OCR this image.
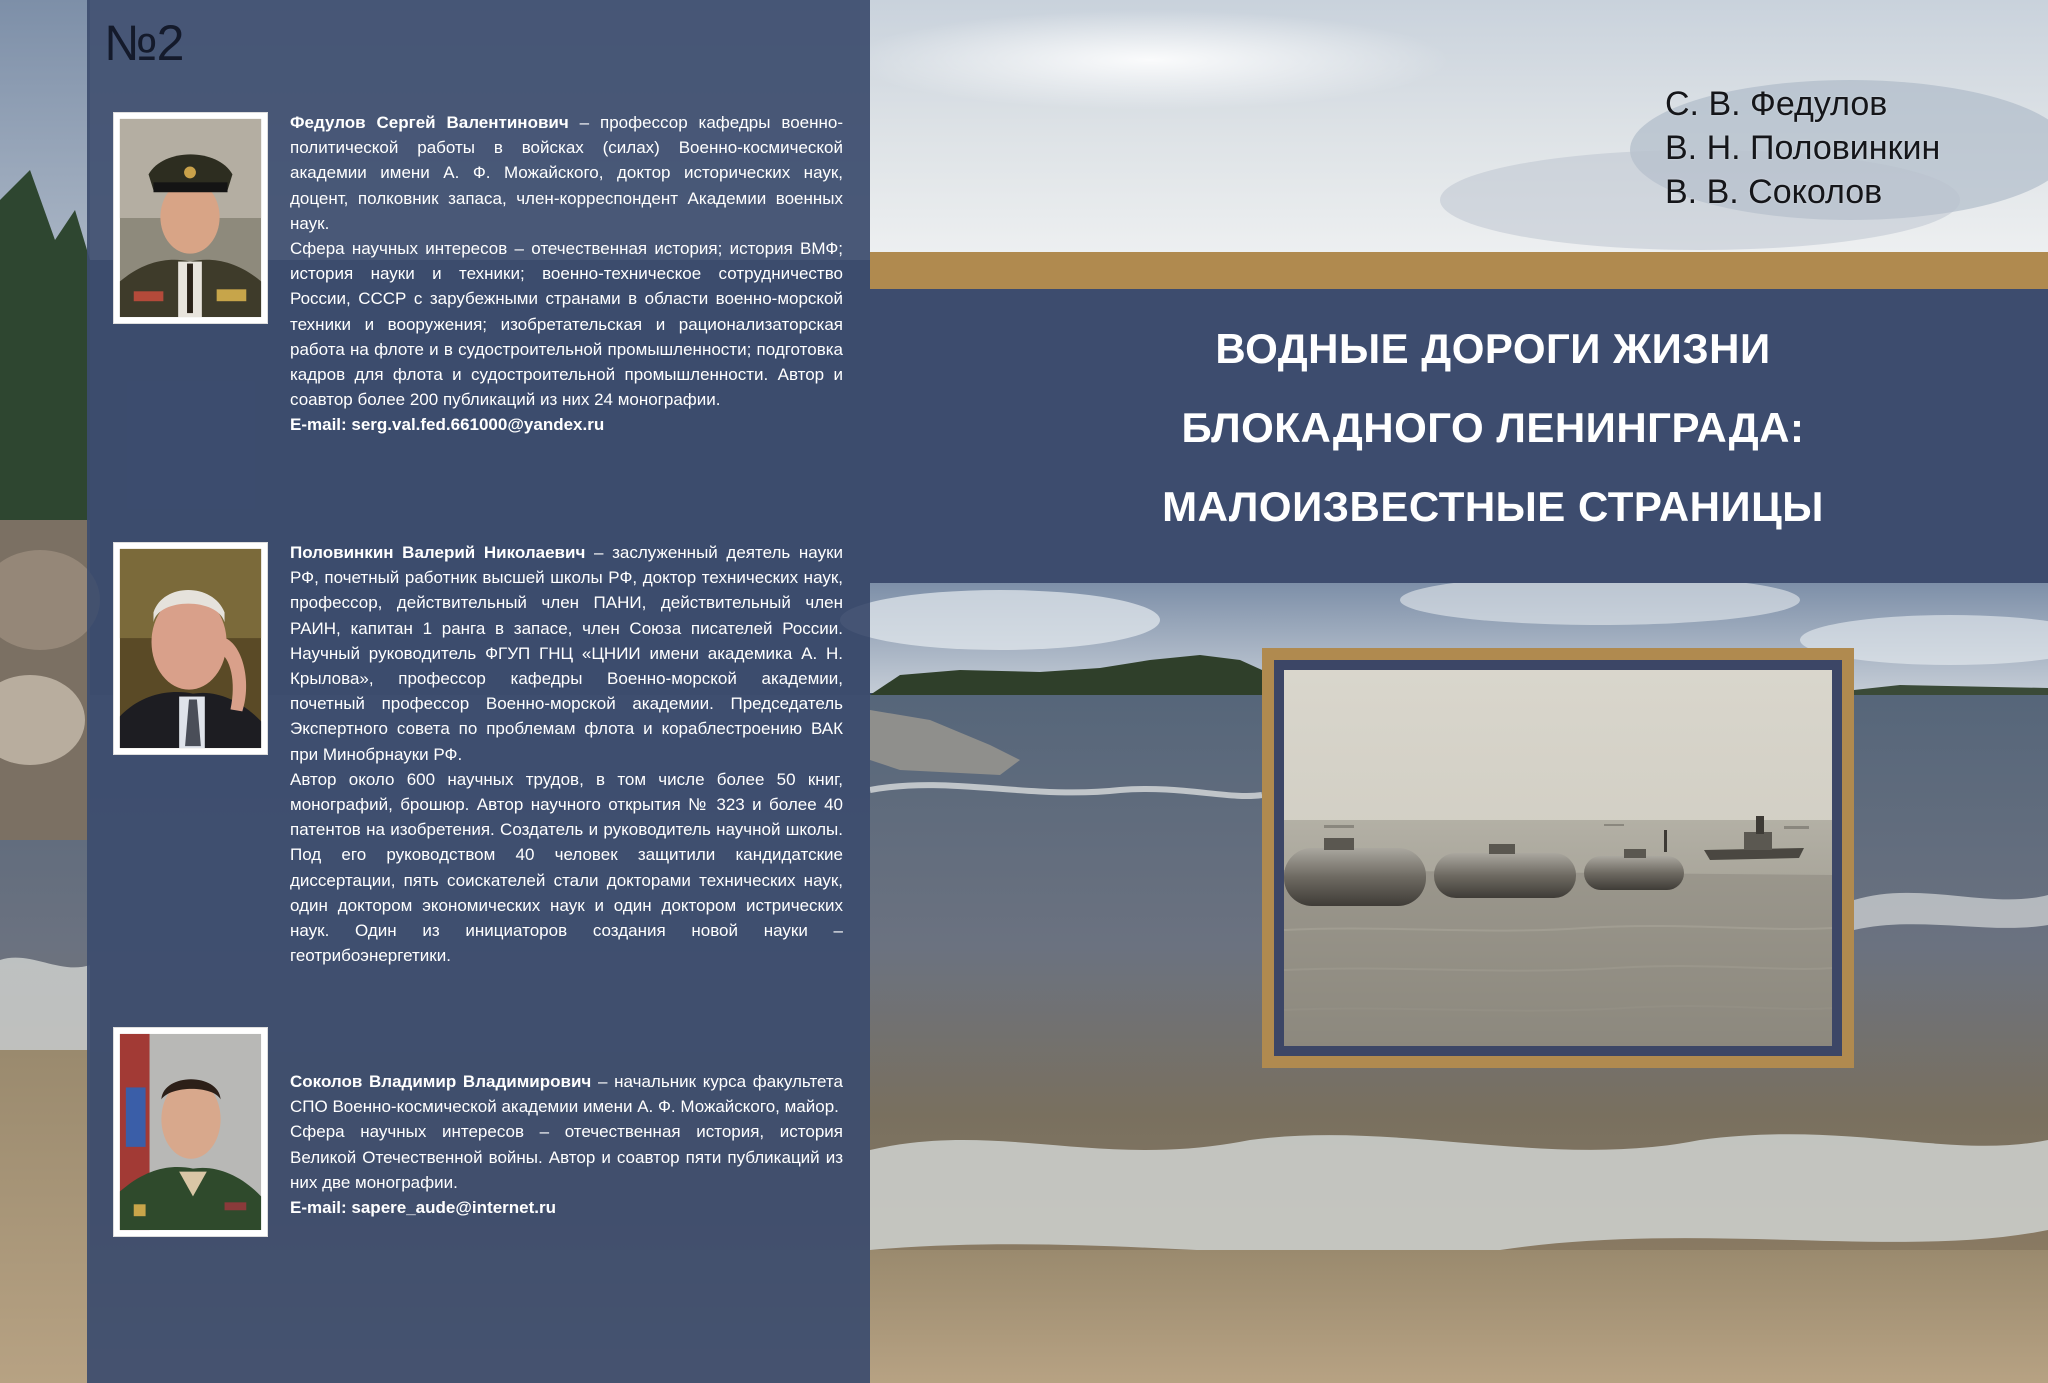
№2

Федулов Сергей Валентинович – профессор кафедры военно-политической работы в войсках (силах) Военно-космической академии имени А. Ф. Можайского, доктор исторических наук, доцент, полковник запаса, член-корреспондент Академии военных наук.

Сфера научных интересов – отечественная история; история ВМФ; история науки и техники; военно-техническое сотрудничество России, СССР с зарубежными странами в области военно-морской техники и вооружения; изобретательская и рационализаторская работа на флоте и в судостроительной промышленности; подготовка кадров для флота и судостроительной промышленности. Автор и соавтор более 200 публикаций из них 24 монографии.

E-mail: serg.val.fed.661000@yandex.ru

Половинкин Валерий Николаевич – заслуженный деятель науки РФ, почетный работник высшей школы РФ, доктор технических наук, профессор, действительный член ПАНИ, действительный член РАИН, капитан 1 ранга в запасе, член Союза писателей России. Научный руководитель ФГУП ГНЦ «ЦНИИ имени академика А. Н. Крылова», профессор кафедры Военно-морской академии, почетный профессор Военно-морской академии. Председатель Экспертного совета по проблемам флота и кораблестроению ВАК при Минобрнауки РФ.

Автор около 600 научных трудов, в том числе более 50 книг, монографий, брошюр. Автор научного открытия № 323 и более 40 патентов на изобретения. Создатель и руководитель научной школы. Под его руководством 40 человек защитили кандидатские диссертации, пять соискателей стали докторами технических наук, один доктором экономических наук и один доктором истрических наук. Один из инициаторов создания новой науки – геотрибоэнергетики.

Соколов Владимир Владимирович – начальник курса факультета СПО Военно-космической академии имени А. Ф. Можайского, майор.

Сфера научных интересов – отечественная история, история Великой Отечественной войны. Автор и соавтор пяти публикаций из них две монографии.

E-mail: sapere_aude@internet.ru

С. В. Федулов
В. Н. Половинкин
В. В. Соколов
ВОДНЫЕ ДОРОГИ ЖИЗНИ
БЛОКАДНОГО ЛЕНИНГРАДА:
МАЛОИЗВЕСТНЫЕ СТРАНИЦЫ
